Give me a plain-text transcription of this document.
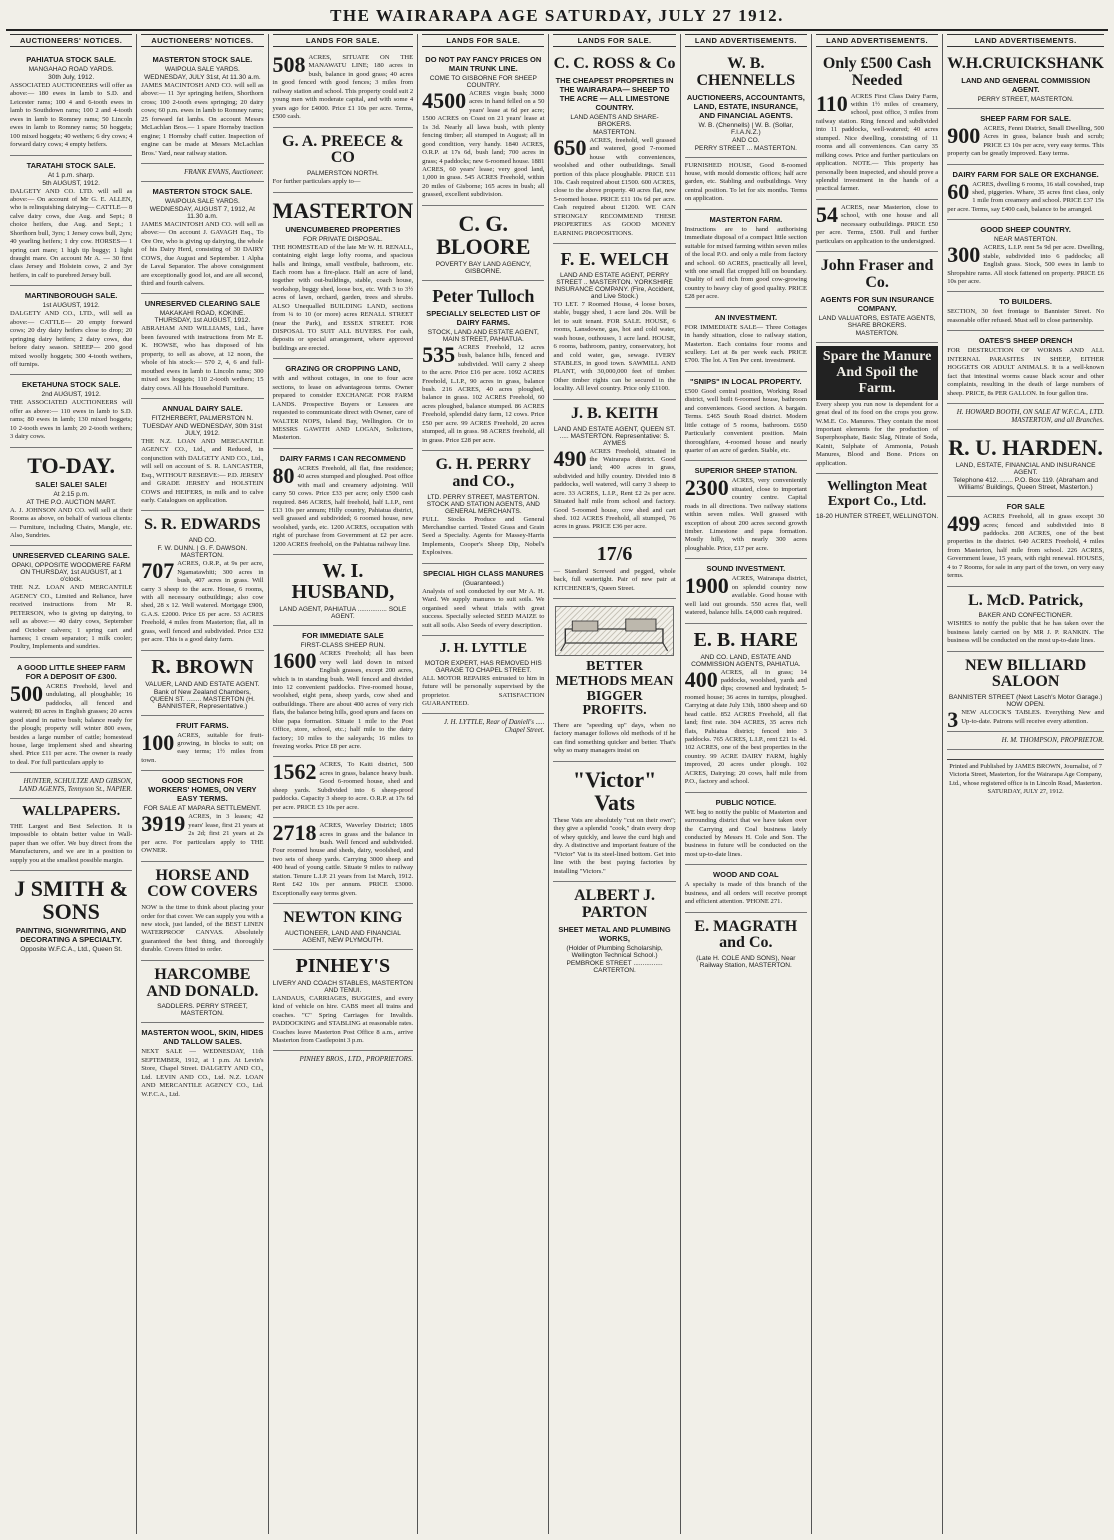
THE WAIRARAPA AGE SATURDAY, JULY 27 1912.
AUCTIONEERS' NOTICES.
PAHIATUA STOCK SALE.
MANGAHAO ROAD YARDS.
30th July, 1912.
ASSOCIATED AUCTIONEERS will offer as above:— 180 ewes in lamb to S.D. and Leicester rams; 100 4 and 6-tooth ewes in lamb to Southdown rams; 100 2 and 4-tooth ewes in lamb to Romney rams; 50 Lincoln ewes in lamb to Romney rams; 50 hoggets; 100 mixed hoggets; 40 wethers; 6 dry cows; 4 forward dairy cows; 4 empty heifers.
TARATAHI STOCK SALE.
At 1 p.m. sharp.
5th AUGUST, 1912.
DALGETY AND CO. LTD. will sell as above:— On account of Mr G. E. ALLEN, who is relinquishing dairying— CATTLE— 8 calve dairy cows, due Aug. and Sept.; 8 choice heifers, due Aug. and Sept.; 1 Shorthorn bull, 3yrs; 1 Jersey cows bull, 2yrs; 40 yearling heifers; 1 dry cow. HORSES— 1 spring cart mare; 1 high tip buggy; 1 light draught mare. On account Mr A. — 30 first class Jersey and Holstein cows, 2 and 3yr heifers, in calf to purebred Jersey bull.
MARTINBOROUGH SALE.
1st AUGUST, 1912.
DALGETY AND CO., LTD., will sell as above:— CATTLE— 20 empty forward cows; 20 dry dairy heifers close to drop; 20 springing dairy heifers; 2 dairy cows, due before dairy season. SHEEP— 200 good mixed woolly hoggets; 300 4-tooth wethers, off turnips.
EKETAHUNA STOCK SALE.
2nd AUGUST, 1912.
THE ASSOCIATED AUCTIONEERS will offer as above:— 110 ewes in lamb to S.D. rams; 80 ewes in lamb; 130 mixed hoggets; 10 2-tooth ewes in lamb; 20 2-tooth wethers; 3 dairy cows.
TO-DAY.
SALE! SALE! SALE!
At 2.15 p.m.
AT THE P.O. AUCTION MART.
A. J. JOHNSON AND CO. will sell at their Rooms as above, on behalf of various clients:— Furniture, including Chairs, Mangle, etc. Also, Sundries.
UNRESERVED CLEARING SALE.
OPAKI, OPPOSITE WOODMERE FARM ON THURSDAY, 1st AUGUST, at 1 o'clock.
THE N.Z. LOAN AND MERCANTILE AGENCY CO., Limited and Reliance, have received instructions from Mr R. PETERSON, who is giving up dairying, to sell as above:— 40 dairy cows, September and October calvers; 1 spring cart and harness; 1 cream separator; 1 milk cooler; Poultry, Implements and sundries.
A GOOD LITTLE SHEEP FARM FOR A DEPOSIT OF £300.
500 ACRES Freehold, level and undulating, all ploughable; 16 paddocks, all fenced and watered; 80 acres in English grasses; 20 acres good stand in native bush; balance ready for the plough; property will winter 800 ewes, besides a large number of cattle; homestead house, large implement shed and shearing shed. Price £11 per acre. The owner is ready to deal. For full particulars apply to
HUNTER, SCHULTZE AND GIBSON, LAND AGENTS, Tennyson St., NAPIER.
WALLPAPERS.
THE Largest and Best Selection. It is impossible to obtain better value in Wall-paper than we offer. We buy direct from the Manufacturers, and we are in a position to supply you at the smallest possible margin.
J SMITH & SONS
PAINTING, SIGNWRITING, AND DECORATING A SPECIALTY.
Opposite W.F.C.A., Ltd., Queen St.
AUCTIONEERS' NOTICES.
MASTERTON STOCK SALE.
WAIPOUA SALE YARDS.
WEDNESDAY, JULY 31st, At 11.30 a.m.
JAMES MACINTOSH AND CO. will sell as above:— 11 3yr springing heifers, Shorthorn cross; 100 2-tooth ewes springing; 20 dairy cows; 60 p.m. ewes in lamb to Romney rams; 25 forward fat lambs. On account Messrs McLachlan Bros.— 1 spare Hornsby traction engine; 1 Hornsby chaff cutter. Inspection of engine can be made at Messrs McLachlan Bros.' Yard, near railway station.
FRANK EVANS, Auctioneer.
MASTERTON STOCK SALE.
WAIPOUA SALE YARDS.
WEDNESDAY, AUGUST 7, 1912, At 11.30 a.m.
JAMES MACINTOSH AND CO. will sell as above:— On account J. GAVAGH Esq., To Ore Ore, who is giving up dairying, the whole of his Dairy Herd, consisting of 30 DAIRY COWS, due August and September. 1 Alpha de Laval Separator. The above consignment are exceptionally good lot, and are all second, third and fourth calvers.
UNRESERVED CLEARING SALE
MAKAKAHI ROAD, KOKINE. THURSDAY, 1st AUGUST, 1912.
ABRAHAM AND WILLIAMS, Ltd., have been favoured with instructions from Mr E. K. HOWSE, who has disposed of his property, to sell as above, at 12 noon, the whole of his stock:— 570 2, 4, 6 and full-mouthed ewes in lamb to Lincoln rams; 300 mixed sex hoggets; 110 2-tooth wethers; 15 dairy cows. All his Household Furniture.
ANNUAL DAIRY SALE.
FITZHERBERT, PALMERSTON N.
TUESDAY AND WEDNESDAY, 30th 31st JULY, 1912.
THE N.Z. LOAN AND MERCANTILE AGENCY CO., Ltd., and Reduced, in conjunction with DALGETY AND CO., Ltd., will sell on account of S. R. LANCASTER, Esq., WITHOUT RESERVE:— P.D. JERSEY and GRADE JERSEY and HOLSTEIN COWS and HEIFERS, in milk and to calve early. Catalogues on application.
S. R. EDWARDS
AND CO.
F. W. DUNN. | G. F. DAWSON. MASTERTON.
707 ACRES, O.R.P., at 9s per acre, Ngamatawhiti; 300 acres in bush, 407 acres in grass. Will carry 3 sheep to the acre. House, 6 rooms, with all necessary outbuildings; also cow shed, 28 x 12. Well watered. Mortgage £900, G.A.S. £2000. Price £6 per acre. 53 ACRES Freehold, 4 miles from Masterton; flat, all in grass, well fenced and subdivided. Price £32 per acre. This is a good dairy farm.
R. BROWN
VALUER, LAND AND ESTATE AGENT.
Bank of New Zealand Chambers, QUEEN ST. ........ MASTERTON (H. BANNISTER, Representative.)
FRUIT FARMS.
100 ACRES, suitable for fruit-growing, in blocks to suit; on easy terms; 1½ miles from town.
GOOD SECTIONS FOR WORKERS' HOMES, ON VERY EASY TERMS.
FOR SALE AT MAPARA SETTLEMENT.
3919 ACRES, in 3 leases; 42 years' lease, first 21 years at 2s 2d; first 21 years at 2s per acre. For particulars apply to THE OWNER.
HORSE AND COW COVERS
NOW is the time to think about placing your order for that cover. We can supply you with a new stock, just landed, of the BEST LINEN WATERPROOF CANVAS. Absolutely guaranteed the best thing, and thoroughly durable. Covers fitted to order.
HARCOMBE AND DONALD.
SADDLERS. PERRY STREET, MASTERTON.
MASTERTON WOOL, SKIN, HIDES AND TALLOW SALES.
NEXT SALE — WEDNESDAY, 11th SEPTEMBER, 1912, at 1 p.m. At Levin's Store, Chapel Street. DALGETY AND CO., Ltd. LEVIN AND CO., Ltd. N.Z. LOAN AND MERCANTILE AGENCY CO., Ltd. W.F.C.A., Ltd.
LANDS FOR SALE.
508 ACRES, SITUATE ON THE MANAWATU LINE; 180 acres in bush, balance in good grass; 40 acres in good fenced with good fences; 3 miles from railway station and school. This property could suit 2 young men with moderate capital, and with some 4 years ago for £4000. Price £1 10s per acre. Terms, £500 cash.
G. A. PREECE & CO
PALMERSTON NORTH.
For further particulars apply to—
MASTERTON
UNENCUMBERED PROPERTIES
FOR PRIVATE DISPOSAL.
THE HOMESTEAD of the late Mr W. H. RENALL, containing eight large lofty rooms, and spacious halls and linings, small vestibule, bathroom, etc. Each room has a fire-place. Half an acre of land, together with out-buildings, stable, coach house, workshop, buggy shed, loose box, etc. With 3 to 3½ acres of lawn, orchard, garden, trees and shrubs. ALSO Unequalled BUILDING LAND, sections from ¼ to 10 (or more) acres RENALL STREET (near the Park), and ESSEX STREET. FOR DISPOSAL TO SUIT ALL BUYERS. For cash, deposits or special arrangement, where approved buildings are erected.
GRAZING OR CROPPING LAND,
with and without cottages, in one to four acre sections, to lease on advantageous terms. Owner prepared to consider EXCHANGE FOR FARM LANDS. Prospective Buyers or Lessees are requested to communicate direct with Owner, care of WALTER NOPS, Island Bay, Wellington. Or to MESSRS GAWITH AND LOGAN, Solicitors, Masterton.
DAIRY FARMS I CAN RECOMMEND
80 ACRES Freehold, all flat, fine residence; 40 acres stumped and ploughed. Post office with mail and creamery adjoining. Will carry 50 cows. Price £33 per acre; only £500 cash required. 846 ACRES, half freehold, half L.I.P., rent £13 10s per annum; Hilly country, Pahiatua district, well grassed and subdivided; 6 roomed house, new woolshed, yards, etc. 1200 ACRES, occupation with right of purchase from Government at £2 per acre. 1200 ACRES freehold, on the Pahiatua railway line.
W. I. HUSBAND,
LAND AGENT, PAHIATUA ................ SOLE AGENT.
FOR IMMEDIATE SALE
FIRST-CLASS SHEEP RUN.
1600 ACRES Freehold; all has been very well laid down in mixed English grasses, except 200 acres, which is in standing bush. Well fenced and divided into 12 convenient paddocks. Five-roomed house, woolshed, eight pens, sheep yards, cow shed and outbuildings. There are about 400 acres of very rich flats, the balance being hills, good spurs and faces on blue papa formation. Situate 1 mile to the Post Office, store, school, etc.; half mile to the dairy factory; 10 miles to the saleyards; 16 miles to freezing works. Price £8 per acre.
1562 ACRES, To Kaiti district, 500 acres in grass, balance heavy bush. Good 6-roomed house, shed and sheep yards. Subdivided into 6 sheep-proof paddocks. Capacity 3 sheep to acre. O.R.P. at 17s 6d per acre. PRICE £3 10s per acre.
2718 ACRES, Waverley District; 1805 acres in grass and the balance in bush. Well fenced and subdivided. Four roomed house and sheds, dairy, woolshed, and two sets of sheep yards. Carrying 3000 sheep and 400 head of young cattle. Situate 9 miles to railway station. Tenure L.I.P. 21 years from 1st March, 1912. Rent £42 10s per annum. PRICE £3000. Exceptionally easy terms given.
NEWTON KING
AUCTIONEER, LAND AND FINANCIAL AGENT, NEW PLYMOUTH.
PINHEY'S
LIVERY AND COACH STABLES, MASTERTON AND TENUI.
LANDAUS, CARRIAGES, BUGGIES, and every kind of vehicle on hire. CABS meet all trains and coaches. "C" Spring Carriages for Invalids. PADDOCKING and STABLING at reasonable rates. Coaches leave Masterton Post Office 8 a.m., arrive Masterton from Castlepoint 3 p.m.
PINHEY BROS., LTD., PROPRIETORS.
LANDS FOR SALE.
DO NOT PAY FANCY PRICES ON MAIN TRUNK LINE.
COME TO GISBORNE FOR SHEEP COUNTRY.
4500 ACRES virgin bush; 3000 acres in hand felled on a 50 years' lease at 6d per acre; 1500 ACRES on Coast on 21 years' lease at 1s 3d. Nearly all lawa bush, with plenty fencing timber; all stumped in August; all in good condition, very handy. 1840 ACRES, O.R.P. at 17s 6d, bush land; 700 acres in grass; 4 paddocks; new 6-roomed house. 1881 ACRES, 60 years' lease; very good land, 1,000 in grass. 545 ACRES Freehold, within 20 miles of Gisborne; 165 acres in bush; all grassed, excellent subdivision.
C. G. BLOORE
POVERTY BAY LAND AGENCY, GISBORNE.
Peter Tulloch
SPECIALLY SELECTED LIST OF DAIRY FARMS.
STOCK, LAND AND ESTATE AGENT, MAIN STREET, PAHIATUA.
535 ACRES Freehold, 12 acres bush, balance hills, fenced and subdivided. Will carry 2 sheep to the acre. Price £16 per acre. 1092 ACRES Freehold, L.I.P., 90 acres in grass, balance bush. 216 ACRES, 40 acres ploughed, balance in grass. 102 ACRES Freehold, 60 acres ploughed, balance stumped. 86 ACRES Freehold, splendid dairy farm, 12 cows. Price £50 per acre. 99 ACRES Freehold, 20 acres stumped, all in grass. 98 ACRES freehold, all in grass. Price £28 per acre.
G. H. PERRY and CO.,
LTD. PERRY STREET, MASTERTON. STOCK AND STATION AGENTS, AND GENERAL MERCHANTS.
FULL Stocks Produce and General Merchandise carried. Tested Grass and Grain Seed a Specialty. Agents for Massey-Harris Implements, Cooper's Sheep Dip, Nobel's Explosives.
SPECIAL HIGH CLASS MANURES
(Guaranteed.)
Analysis of soil conducted by our Mr A. H. Ward. We supply manures to suit soils. We organised seed wheat trials with great success. Specially selected SEED MAIZE to suit all soils. Also Seeds of every description.
J. H. LYTTLE
MOTOR EXPERT, HAS REMOVED HIS GARAGE TO CHAPEL STREET.
ALL MOTOR REPAIRS entrusted to him in future will be personally supervised by the proprietor. SATISFACTION GUARANTEED.
J. H. LYTTLE, Rear of Daniell's ..... Chapel Street.
LANDS FOR SALE.
C. C. ROSS & Co
THE CHEAPEST PROPERTIES IN THE WAIRARAPA— SHEEP TO THE ACRE — ALL LIMESTONE COUNTRY.
LAND AGENTS AND SHARE-BROKERS.
MASTERTON.
650 ACRES, freehold, well grassed and watered, good 7-roomed house with conveniences, woolshed and other outbuildings. Small portion of this place ploughable. PRICE £11 10s. Cash required about £1500. 600 ACRES, close to the above property. 40 acres flat, new 5-roomed house. PRICE £11 10s 6d per acre. Cash required about £1200. WE CAN STRONGLY RECOMMEND THESE PROPERTIES AS GOOD MONEY EARNING PROPOSITIONS.
F. E. WELCH
LAND AND ESTATE AGENT, PERRY STREET .. MASTERTON. YORKSHIRE INSURANCE COMPANY. (Fire, Accident, and Live Stock.)
TO LET. 7 Roomed House, 4 loose boxes, stable, buggy shed, 1 acre land 20s. Will be let to suit tenant. FOR SALE. HOUSE, 6 rooms, Lansdowne, gas, hot and cold water, wash house, outhouses, 1 acre land. HOUSE, 6 rooms, bathroom, pantry, conservatory, hot and cold water, gas, sewage. IVERY STABLES, in good town. SAWMILL AND PLANT, with 30,000,000 feet of timber. Other timber rights can be secured in the locality. All level country. Price only £1100.
J. B. KEITH
LAND AND ESTATE AGENT, QUEEN ST. ..... MASTERTON. Representative: S. AYMES
490 ACRES Freehold, situated in the Wairarapa district. Good land; 400 acres in grass, subdivided and hilly country. Divided into 8 paddocks, well watered, will carry 3 sheep to acre. 33 ACRES, L.I.P., Rent £2 2s per acre. Situated half mile from school and factory. Good 5-roomed house, cow shed and cart shed. 102 ACRES Freehold, all stumped, 76 acres in grass. PRICE £36 per acre.
17/6
— Standard Screwed and pegged, whole back, full watertight. Pair of new pair at KITCHENER'S, Queen Street.
BETTER METHODS MEAN BIGGER PROFITS.
There are "speeding up" days, when no factory manager follows old methods of if he can find something quicker and better. That's why so many managers insist on
"Victor" Vats
These Vats are absolutely "cut on their own"; they give a splendid "cook," drain every drop of whey quickly, and leave the curd high and dry. A distinctive and important feature of the "Victor" Vat is its steel-lined bottom. Get into line with the best paying factories by installing "Victors."
ALBERT J. PARTON
SHEET METAL AND PLUMBING WORKS,
(Holder of Plumbing Scholarship, Wellington Technical School.)
PEMBROKE STREET ................ CARTERTON.
LAND ADVERTISEMENTS.
W. B. CHENNELLS
AUCTIONEERS, ACCOUNTANTS, LAND, ESTATE, INSURANCE, AND FINANCIAL AGENTS.
W. B. (Chennells) | W. B. (Sollar, F.I.A.N.Z.)
AND CO.
PERRY STREET ... MASTERTON.
FURNISHED HOUSE, Good 8-roomed house, with mould domestic offices; half acre garden, etc. Stabling and outbuildings. Very central position. To let for six months. Terms on application.
MASTERTON FARM.
Instructions are to hand authorising immediate disposal of a compact little section suitable for mixed farming within seven miles of the local P.O. and only a mile from factory and school. 60 ACRES, practically all level, with one small flat cropped hill on boundary. Quality of soil rich from good cow-growing country to heavy clay of good quality. PRICE £28 per acre.
AN INVESTMENT.
FOR IMMEDIATE SALE— Three Cottages in handy situation, close to railway station, Masterton. Each contains four rooms and scullery. Let at 8s per week each. PRICE £700. The lot. A Ten Per cent. investment.
"SNIPS" IN LOCAL PROPERTY.
£500 Good central position, Working Road district, well built 6-roomed house, bathroom and conveniences. Good section. A bargain. Terms. £465 South Road district. Modern little cottage of 5 rooms, bathroom. £650 Particularly convenient position. Main thoroughfare, 4-roomed house and nearly quarter of an acre of garden. Stable, etc.
SUPERIOR SHEEP STATION.
2300 ACRES, very conveniently situated, close to important country centre. Capital roads in all directions. Two railway stations within seven miles. Well grassed with exception of about 200 acres second growth timber. Limestone and papa formation. Mostly hilly, with nearly 300 acres ploughable. Price, £17 per acre.
SOUND INVESTMENT.
1900 ACRES, Wairarapa district, on splendid country now available. Good house with well laid out grounds. 550 acres flat, well watered, balance hills. £4,000 cash required.
E. B. HARE
AND CO. LAND, ESTATE AND COMMISSION AGENTS, PAHIATUA.
400 ACRES, all in grass; 14 paddocks, woolshed, yards and dips; crowned and hydrated; 5-roomed house; 36 acres in turnips, ploughed. Carrying at date July 13th, 1800 sheep and 60 head cattle. 852 ACRES Freehold, all flat land; first rate. 304 ACRES, 35 acres rich flats, Pahiatua district; fenced into 3 paddocks. 765 ACRES, L.I.P., rent £21 1s 4d. 102 ACRES, one of the best properties in the country. 99 ACRE DAIRY FARM, highly improved, 20 acres under plough. 102 ACRES, Dairying; 20 cows, half mile from P.O., factory and school.
PUBLIC NOTICE.
WE beg to notify the public of Masterton and surrounding district that we have taken over the Carrying and Coal business lately conducted by Messrs H. Cole and Son. The business in future will be conducted on the most up-to-date lines.
WOOD AND COAL
A specialty is made of this branch of the business, and all orders will receive prompt and efficient attention. 'PHONE 271.
E. MAGRATH and Co.
(Late H. COLE AND SONS), Near Railway Station, MASTERTON.
LAND ADVERTISEMENTS.
Only £500 Cash Needed
110 ACRES First Class Dairy Farm, within 1½ miles of creamery, school, post office, 3 miles from railway station. Ring fenced and subdivided into 11 paddocks, well-watered; 40 acres stumped. Nice dwelling, consisting of 11 rooms and all conveniences. Can carry 35 milking cows. Price and further particulars on application. NOTE.— This property has personally been inspected, and should prove a splendid investment in the hands of a practical farmer.
54 ACRES, near Masterton, close to school, with one house and all necessary outbuildings. PRICE £50 per acre. Terms, £500. Full and further particulars on application to the undersigned.
John Fraser and Co.
AGENTS FOR SUN INSURANCE COMPANY.
LAND VALUATORS, ESTATE AGENTS, SHARE BROKERS.
MASTERTON.
Spare the Manure And Spoil the Farm.
Every sheep you run now is dependent for a great deal of its food on the crops you grow. W.M.E. Co. Manures. They contain the most important elements for the production of Superphosphate, Basic Slag, Nitrate of Soda, Kainit, Sulphate of Ammonia, Potash Manures, Blood and Bone. Prices on application.
Wellington Meat Export Co., Ltd.
18-20 HUNTER STREET, WELLINGTON.
LAND ADVERTISEMENTS.
W.H.CRUICKSHANK
LAND AND GENERAL COMMISSION AGENT.
PERRY STREET, MASTERTON.
SHEEP FARM FOR SALE.
900 ACRES, Fenni District, Small Dwelling, 500 Acres in grass, balance bush and scrub; PRICE £3 10s per acre, very easy terms. This property can be greatly improved. Easy terms.
DAIRY FARM FOR SALE OR EXCHANGE.
60 ACRES, dwelling 6 rooms, 16 stall cowshed, trap shed, piggeries. Whare, 35 acres first class, only 1 mile from creamery and school. PRICE £37 15s per acre. Terms, say £400 cash, balance to be arranged.
GOOD SHEEP COUNTRY.
NEAR MASTERTON.
300 ACRES, L.I.P. rent 5s 9d per acre. Dwelling, stable, subdivided into 6 paddocks; all English grass. Stock, 500 ewes in lamb to Shropshire rams. All stock fattened on property. PRICE £6 10s per acre.
TO BUILDERS.
SECTION, 30 feet frontage to Bannister Street. No reasonable offer refused. Must sell to close partnership.
OATES'S SHEEP DRENCH
FOR DESTRUCTION OF WORMS AND ALL INTERNAL PARASITES IN SHEEP, EITHER HOGGETS OR ADULT ANIMALS. It is a well-known fact that intestinal worms cause black scour and other complaints, resulting in the death of large numbers of sheep. PRICE, 8s PER GALLON. In four gallon tins.
H. HOWARD BOOTH, ON SALE AT W.F.C.A., LTD. MASTERTON, and all Branches.
R. U. HARDEN.
LAND, ESTATE, FINANCIAL AND INSURANCE AGENT.
Telephone 412. ....... P.O. Box 119. (Abraham and Williams' Buildings, Queen Street, Masterton.)
FOR SALE
499 ACRES Freehold, all in grass except 30 acres; fenced and subdivided into 8 paddocks. 208 ACRES, one of the best properties in the district. 640 ACRES Freehold, 4 miles from Masterton, half mile from school. 226 ACRES, Government lease, 15 years, with right renewal. HOUSES, 4 to 7 Rooms, for sale in any part of the town, on very easy terms.
L. McD. Patrick,
BAKER AND CONFECTIONER.
WISHES to notify the public that he has taken over the business lately carried on by MR J. P. RANKIN. The business will be conducted on the most up-to-date lines.
NEW BILLIARD SALOON
BANNISTER STREET (Next Lasch's Motor Garage.) NOW OPEN.
3 NEW ALCOCK'S TABLES. Everything New and Up-to-date. Patrons will receive every attention.
H. M. THOMPSON, PROPRIETOR.
Printed and Published by JAMES BROWN, Journalist, of 7 Victoria Street, Masterton, for the Wairarapa Age Company, Ltd., whose registered office is in Lincoln Road, Masterton. SATURDAY, JULY 27, 1912.
